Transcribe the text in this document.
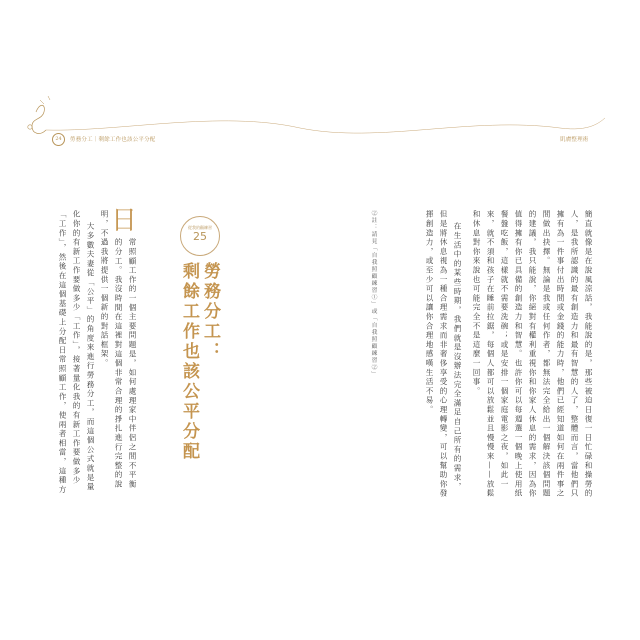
24	勞務分工｜剩餘工作也該公平分配	肌膚整理術
日
常照顧工作的一個主要問題是，如何處理家中伴侶之間不平衡
的分工。我沒時間在這裡對這個非常合理的掙扎進行完整的說
明，不過我將提供一個新的對話框架。
大多數夫妻從「公平」的角度來進行勞務分工，而這個公式就是量
化你的有新工作要做多少「工作」，接著量化我的有新工作要做多少
「工作」，然後在這個基礎上分配日常照顧工作，使兩者相當，這種方	從我的顧練習
25
勞務分工：
剩餘工作也該公平分配	簡直就像是在說風涼話，我能說的是，那些被迫日復一日忙碌和操勞的
人，是我所認識的最有創造力和最有智慧的人了，整體而言，當他們只
擁有為一件事付出時間或金錢的能力時，他們已經知道如何在兩件事之
間做出抉擇。無論是我或任何作者，都無法完全給出一個解決該個問題
的建議，我只能說，你絕對有權利重視你和你家人休息的需求，因為你
值得擁有你已具備的創造力和智慧。也許你可以每週選一個晚上使用紙
餐盤吃飯，這樣就不需要洗碗；或是安排一個家庭電影之夜，如此一
來，就不須和孩子在睡前拉鋸，每個人都可以放鬆並且慢慢來——放鬆
和休息對你來說也可能完全不是這麼一回事。
在生活中的某些時期，我們就是沒辦法完全滿足自己所有的需求，
但是將休息視為一種合理需求而非奢侈享受的心理轉變，可以幫助你發
揮創造力，或至少可以讓你合理地感嘆生活不易。
②註：請見「自我照顧練習①」或「自我照顧練習②」
